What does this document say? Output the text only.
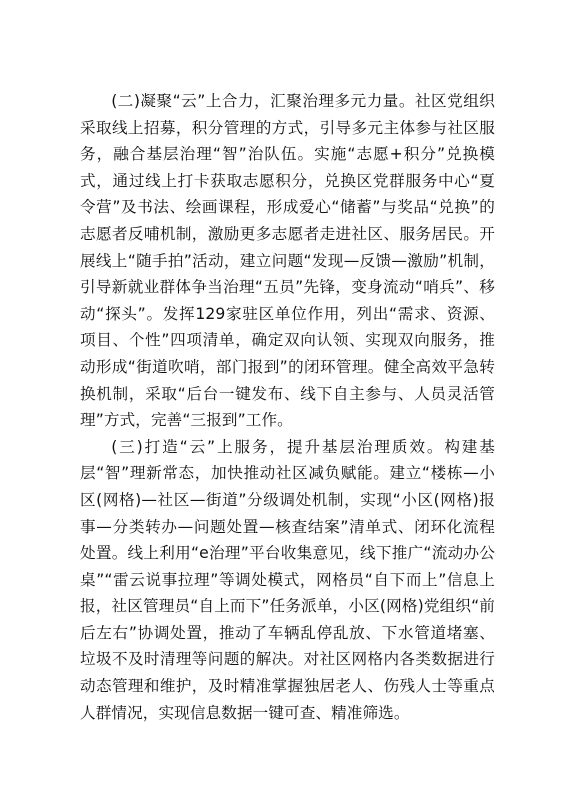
(二)凝聚“云”上合力，汇聚治理多元力量。社区党组织采取线上招募，积分管理的方式，引导多元主体参与社区服务，融合基层治理“智”治队伍。实施“志愿+积分”兑换模式，通过线上打卡获取志愿积分，兑换区党群服务中心“夏令营”及书法、绘画课程，形成爱心“储蓄”与奖品“兑换”的志愿者反哺机制，激励更多志愿者走进社区、服务居民。开展线上“随手拍”活动，建立问题“发现—反馈—激励”机制，引导新就业群体争当治理“五员”先锋，变身流动“哨兵”、移动“探头”。发挥129家驻区单位作用，列出“需求、资源、项目、个性”四项清单，确定双向认领、实现双向服务，推动形成“街道吹哨，部门报到”的闭环管理。健全高效平急转换机制，采取“后台一键发布、线下自主参与、人员灵活管理”方式，完善“三报到”工作。

(三)打造“云”上服务，提升基层治理质效。构建基层“智”理新常态，加快推动社区减负赋能。建立“楼栋—小区(网格)—社区—街道”分级调处机制，实现“小区(网格)报事—分类转办—问题处置—核查结案”清单式、闭环化流程处置。线上利用“e治理”平台收集意见，线下推广“流动办公桌”“雷云说事拉理”等调处模式，网格员“自下而上”信息上报，社区管理员“自上而下”任务派单，小区(网格)党组织“前后左右”协调处置，推动了车辆乱停乱放、下水管道堵塞、垃圾不及时清理等问题的解决。对社区网格内各类数据进行动态管理和维护，及时精准掌握独居老人、伤残人士等重点人群情况，实现信息数据一键可查、精准筛选。
